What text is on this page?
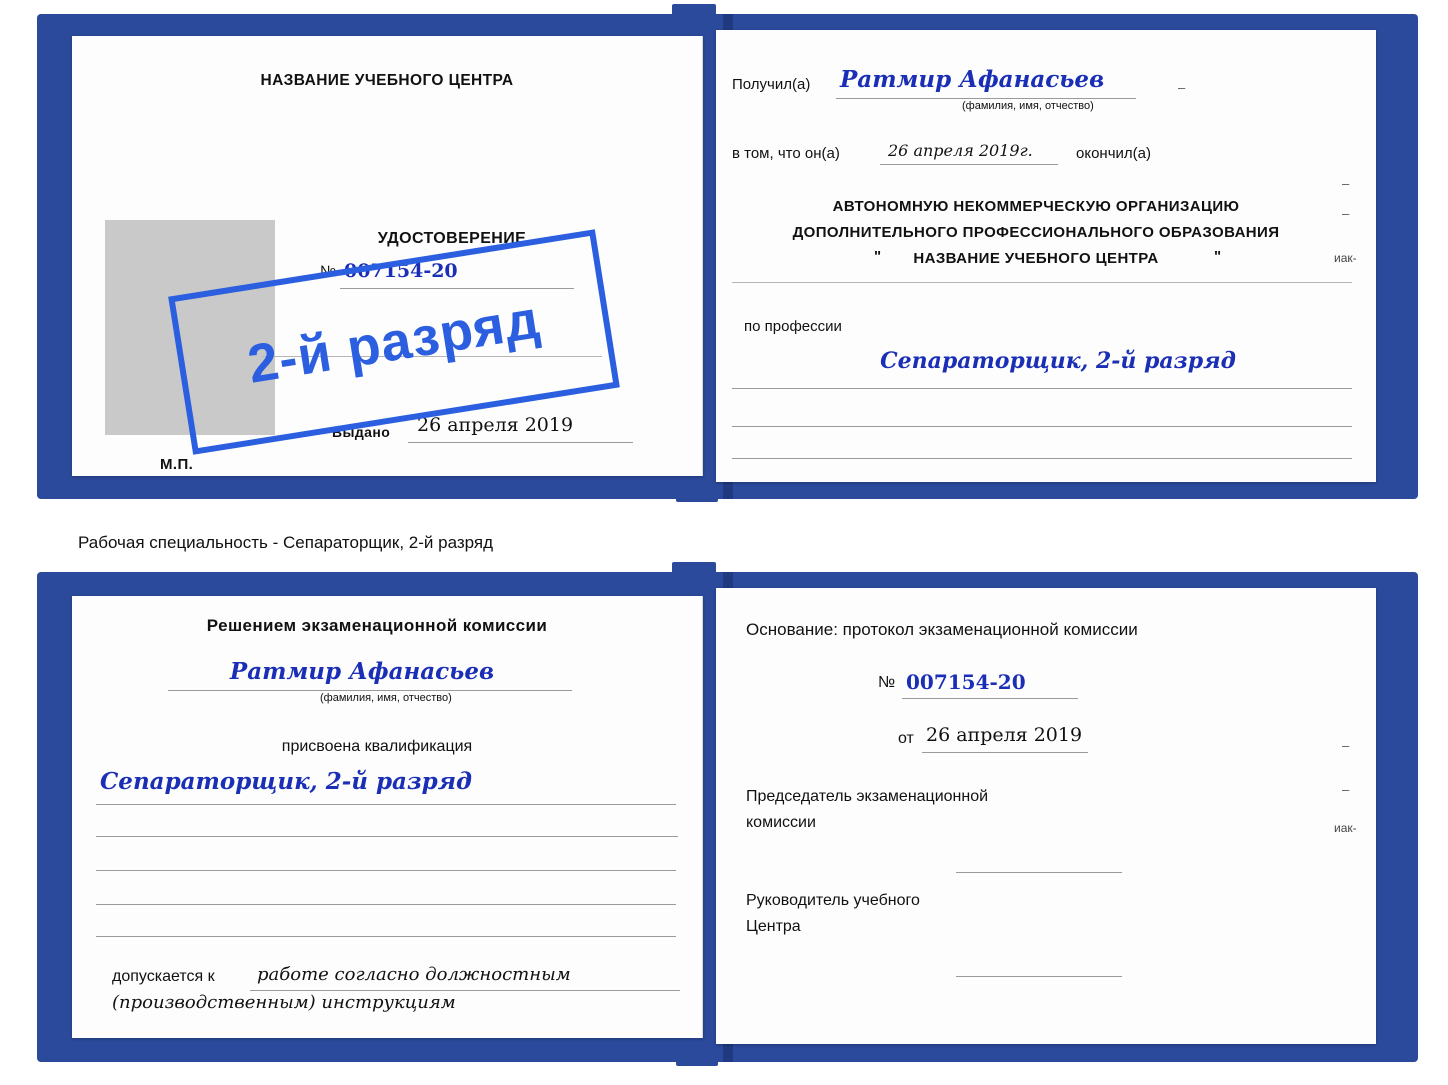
НАЗВАНИЕ УЧЕБНОГО ЦЕНТРА
УДОСТОВЕРЕНИЕ
№ 007154-20
Выдано 26 апреля 2019
М.П.
2-й разряд
Получил(а) Ратмир Афанасьев
(фамилия, имя, отчество)
–
в том, что он(а)	26 апреля 2019г.	окончил(а)
АВТОНОМНУЮ НЕКОММЕРЧЕСКУЮ ОРГАНИЗАЦИЮ
ДОПОЛНИТЕЛЬНОГО ПРОФЕССИОНАЛЬНОГО ОБРАЗОВАНИЯ
"	НАЗВАНИЕ УЧЕБНОГО ЦЕНТРА	"
по профессии
Сепараторщик, 2-й разряд
иак-
–
–
Рабочая специальность - Сепараторщик, 2-й разряд
Решением экзаменационной комиссии
Ратмир Афанасьев
(фамилия, имя, отчество)
присвоена квалификация
Сепараторщик, 2-й разряд
допускается к работе согласно должностным
(производственным) инструкциям
Основание: протокол экзаменационной комиссии
№ 007154-20
от 26 апреля 2019
Председатель экзаменационной
комиссии
Руководитель учебного
Центра
иак-
–
–
